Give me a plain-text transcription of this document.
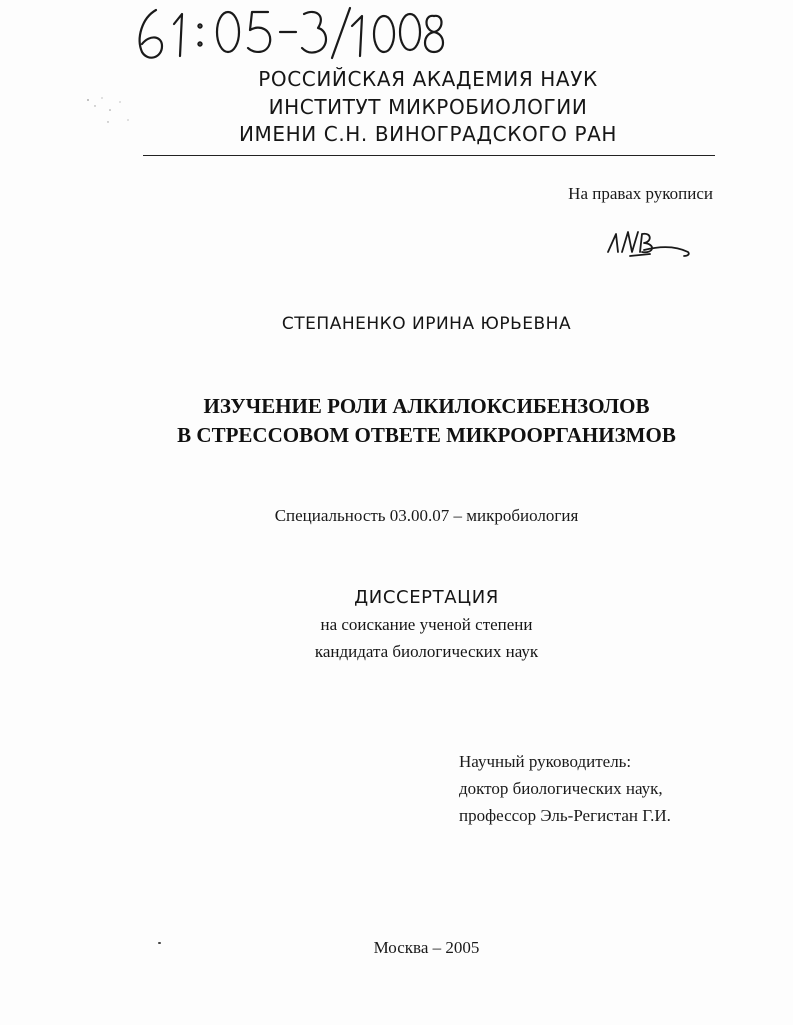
РОССИЙСКАЯ АКАДЕМИЯ НАУК
ИНСТИТУТ МИКРОБИОЛОГИИ
ИМЕНИ С.Н. ВИНОГРАДСКОГО РАН
На правах рукописи
СТЕПАНЕНКО ИРИНА ЮРЬЕВНА
ИЗУЧЕНИЕ РОЛИ АЛКИЛОКСИБЕНЗОЛОВ
В СТРЕССОВОМ ОТВЕТЕ МИКРООРГАНИЗМОВ
Специальность 03.00.07 – микробиология
ДИССЕРТАЦИЯ
на соискание ученой степени
кандидата биологических наук
Научный руководитель:
доктор биологических наук,
профессор Эль-Регистан Г.И.
Москва – 2005
